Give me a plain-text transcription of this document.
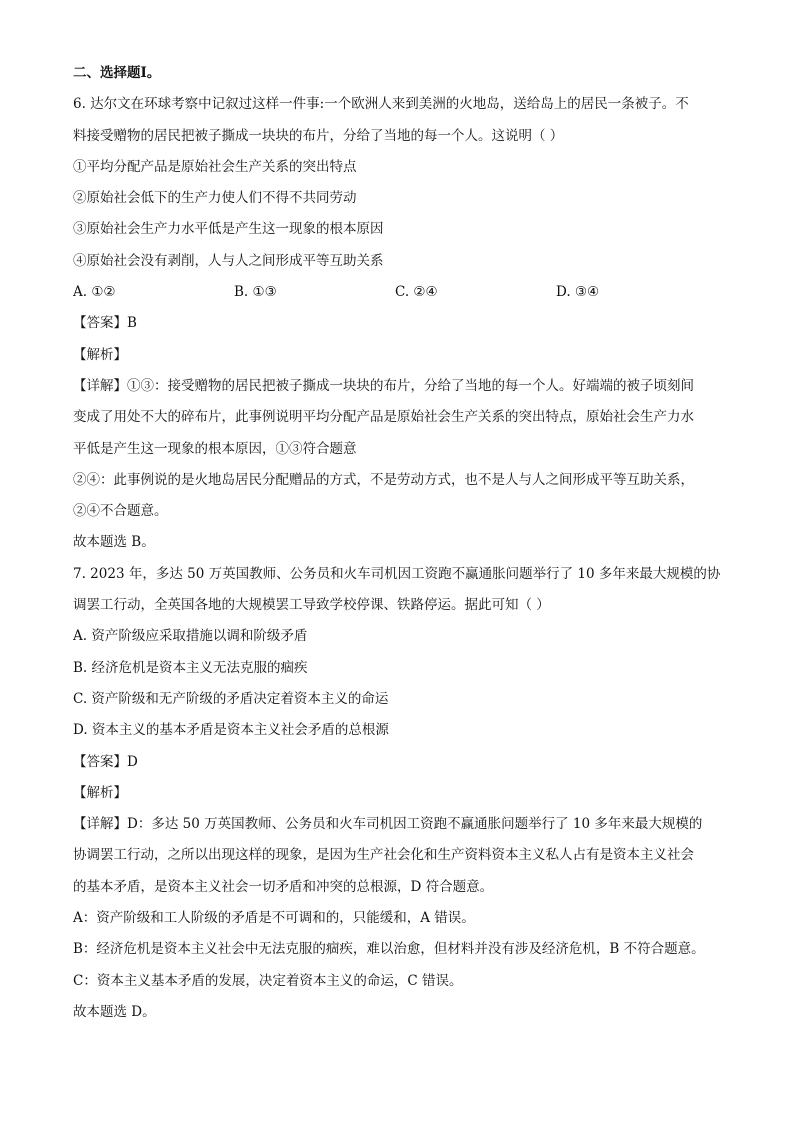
二、选择题Ⅰ。
6. 达尔文在环球考察中记叙过这样一件事:一个欧洲人来到美洲的火地岛，送给岛上的居民一条被子。不
料接受赠物的居民把被子撕成一块块的布片，分给了当地的每一个人。这说明（ ）
①平均分配产品是原始社会生产关系的突出特点
②原始社会低下的生产力使人们不得不共同劳动
③原始社会生产力水平低是产生这一现象的根本原因
④原始社会没有剥削，人与人之间形成平等互助关系
A. ①②	B. ①③	C. ②④	D. ③④
【答案】B
【解析】
【详解】①③：接受赠物的居民把被子撕成一块块的布片，分给了当地的每一个人。好端端的被子顷刻间
变成了用处不大的碎布片，此事例说明平均分配产品是原始社会生产关系的突出特点，原始社会生产力水
平低是产生这一现象的根本原因，①③符合题意
②④：此事例说的是火地岛居民分配赠品的方式，不是劳动方式，也不是人与人之间形成平等互助关系，
②④不合题意。
故本题选 B。
7. 2023 年，多达 50 万英国教师、公务员和火车司机因工资跑不赢通胀问题举行了 10 多年来最大规模的协
调罢工行动，全英国各地的大规模罢工导致学校停课、铁路停运。据此可知（ ）
A. 资产阶级应采取措施以调和阶级矛盾
B. 经济危机是资本主义无法克服的痼疾
C. 资产阶级和无产阶级的矛盾决定着资本主义的命运
D. 资本主义的基本矛盾是资本主义社会矛盾的总根源
【答案】D
【解析】
【详解】D：多达 50 万英国教师、公务员和火车司机因工资跑不赢通胀问题举行了 10 多年来最大规模的
协调罢工行动，之所以出现这样的现象，是因为生产社会化和生产资料资本主义私人占有是资本主义社会
的基本矛盾，是资本主义社会一切矛盾和冲突的总根源，D 符合题意。
A：资产阶级和工人阶级的矛盾是不可调和的，只能缓和，A 错误。
B：经济危机是资本主义社会中无法克服的痼疾，难以治愈，但材料并没有涉及经济危机，B 不符合题意。
C：资本主义基本矛盾的发展，决定着资本主义的命运，C 错误。
故本题选 D。
